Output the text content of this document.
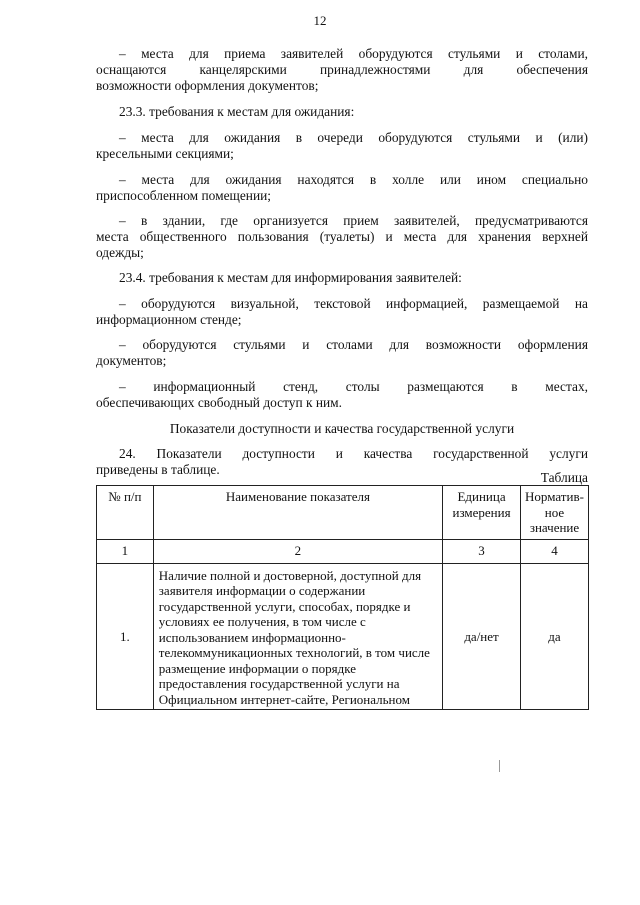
12

– места для приема заявителей оборудуются стульями и столами,

оснащаются канцелярскими принадлежностями для обеспечения

возможности оформления документов;

23.3. требования к местам для ожидания:

– места для ожидания в очереди оборудуются стульями и (или)

кресельными секциями;

– места для ожидания находятся в холле или ином специально

приспособленном помещении;

– в здании, где организуется прием заявителей, предусматриваются

места общественного пользования (туалеты) и места для хранения верхней

одежды;

23.4. требования к местам для информирования заявителей:

– оборудуются визуальной, текстовой информацией, размещаемой на

информационном стенде;

– оборудуются стульями и столами для возможности оформления

документов;

– информационный стенд, столы размещаются в местах,

обеспечивающих свободный доступ к ним.

Показатели доступности и качества государственной услуги

24. Показатели доступности и качества государственной услуги

приведены в таблице.

Таблица
№ п/п	Наименование показателя	Единица измерения	Нормативное значение
1	2	3	4
1.	Наличие полной и достоверной, доступной для заявителя информации о содержании государственной услуги, способах, порядке и условиях ее получения, в том числе с использованием информационно-телекоммуникационных технологий, в том числе размещение информации о порядке предоставления государственной услуги на Официальном интернет-сайте, Региональном	да/нет	да
